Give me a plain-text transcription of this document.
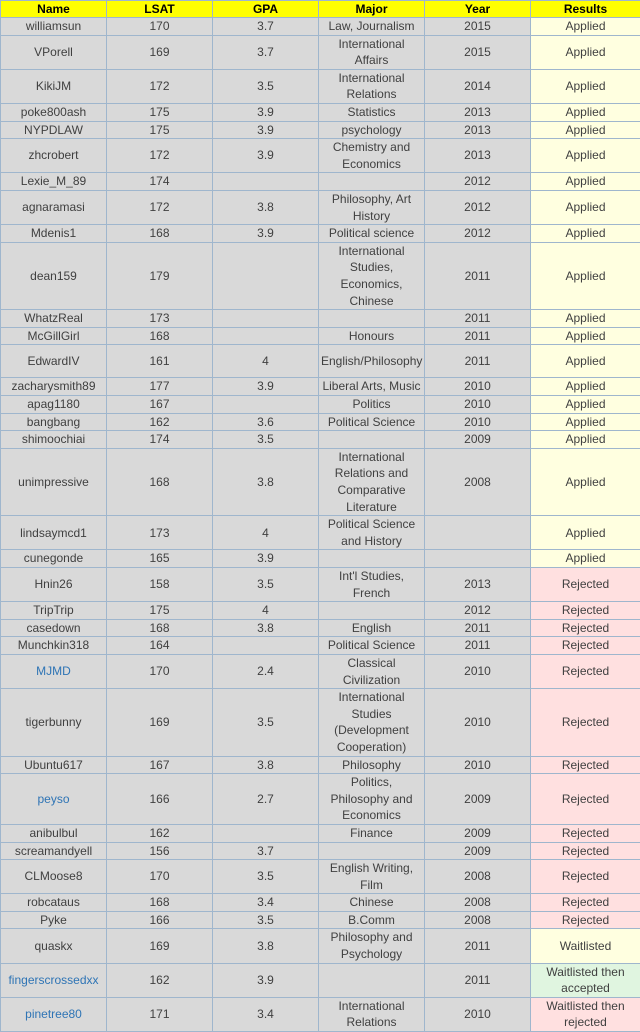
Name	LSAT	GPA	Major	Year	Results
williamsun	170	3.7	Law, Journalism	2015	Applied
VPorell	169	3.7	International Affairs	2015	Applied
KikiJM	172	3.5	International Relations	2014	Applied
poke800ash	175	3.9	Statistics	2013	Applied
NYPDLAW	175	3.9	psychology	2013	Applied
zhcrobert	172	3.9	Chemistry and Economics	2013	Applied
Lexie_M_89	174			2012	Applied
agnaramasi	172	3.8	Philosophy, Art History	2012	Applied
Mdenis1	168	3.9	Political science	2012	Applied
dean159	179		International Studies, Economics, Chinese	2011	Applied
WhatzReal	173			2011	Applied
McGillGirl	168		Honours	2011	Applied
EdwardIV	161	4	English/Philosophy	2011	Applied
zacharysmith89	177	3.9	Liberal Arts, Music	2010	Applied
apag1180	167		Politics	2010	Applied
bangbang	162	3.6	Political Science	2010	Applied
shimoochiai	174	3.5		2009	Applied
unimpressive	168	3.8	International Relations and Comparative Literature	2008	Applied
lindsaymcd1	173	4	Political Science and History		Applied
cunegonde	165	3.9			Applied
Hnin26	158	3.5	Int'l Studies, French	2013	Rejected
TripTrip	175	4		2012	Rejected
casedown	168	3.8	English	2011	Rejected
Munchkin318	164		Political Science	2011	Rejected
MJMD	170	2.4	Classical Civilization	2010	Rejected
tigerbunny	169	3.5	International Studies (Development Cooperation)	2010	Rejected
Ubuntu617	167	3.8	Philosophy	2010	Rejected
peyso	166	2.7	Politics, Philosophy and Economics	2009	Rejected
anibulbul	162		Finance	2009	Rejected
screamandyell	156	3.7		2009	Rejected
CLMoose8	170	3.5	English Writing, Film	2008	Rejected
robcataus	168	3.4	Chinese	2008	Rejected
Pyke	166	3.5	B.Comm	2008	Rejected
quaskx	169	3.8	Philosophy and Psychology	2011	Waitlisted
fingerscrossedxx	162	3.9		2011	Waitlisted then accepted
pinetree80	171	3.4	International Relations	2010	Waitlisted then rejected
